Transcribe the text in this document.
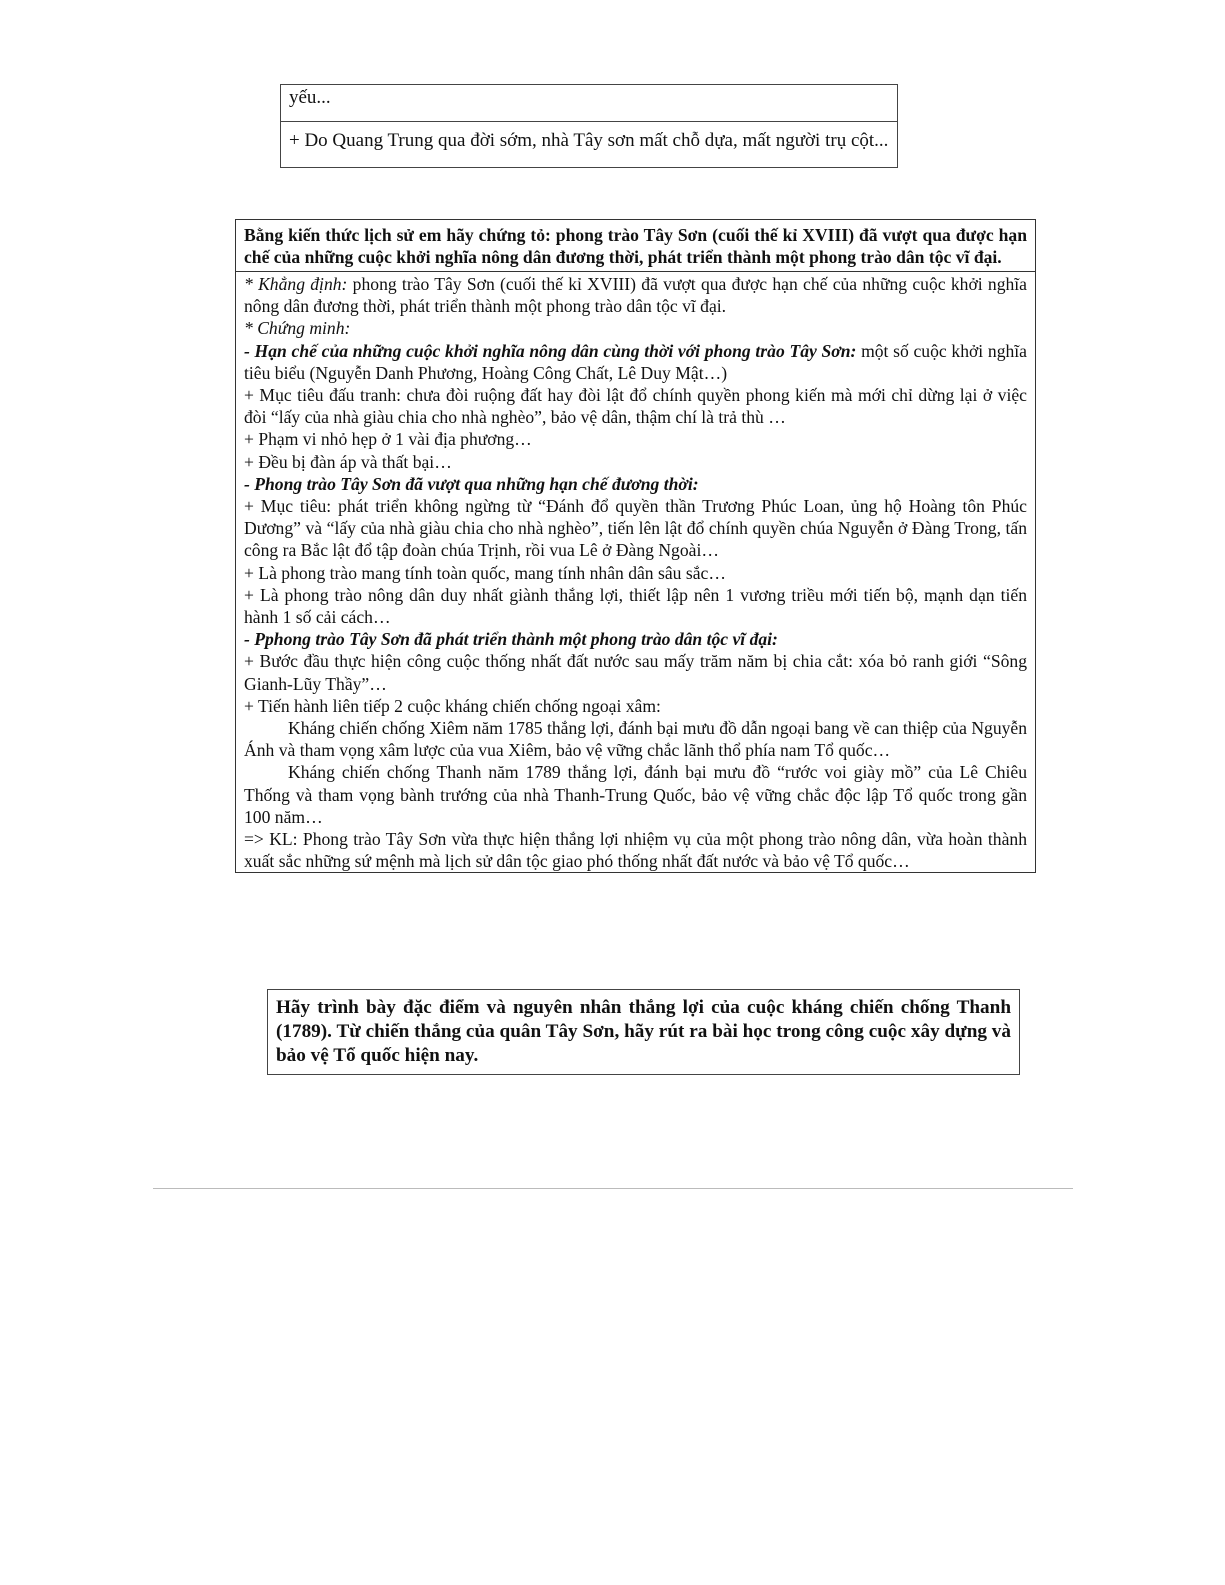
yếu...
+ Do Quang Trung qua đời sớm, nhà Tây sơn mất chỗ dựa, mất người trụ cột...
Bằng kiến thức lịch sử em hãy chứng tỏ: phong trào Tây Sơn (cuối thế kỉ XVIII) đã vượt qua được hạn chế của những cuộc khởi nghĩa nông dân đương thời, phát triển thành một phong trào dân tộc vĩ đại.

* Khẳng định: phong trào Tây Sơn (cuối thế kỉ XVIII) đã vượt qua được hạn chế của những cuộc khởi nghĩa nông dân đương thời, phát triển thành một phong trào dân tộc vĩ đại.

* Chứng minh:

- Hạn chế của những cuộc khởi nghĩa nông dân cùng thời với phong trào Tây Sơn: một số cuộc khởi nghĩa tiêu biểu (Nguyễn Danh Phương, Hoàng Công Chất, Lê Duy Mật…)

+ Mục tiêu đấu tranh: chưa đòi ruộng đất hay đòi lật đổ chính quyền phong kiến mà mới chỉ dừng lại ở việc đòi “lấy của nhà giàu chia cho nhà nghèo”, bảo vệ dân, thậm chí là trả thù …

+ Phạm vi nhỏ hẹp ở 1 vài địa phương…

+ Đều bị đàn áp và thất bại…

- Phong trào Tây Sơn đã vượt qua những hạn chế đương thời:

+ Mục tiêu: phát triển không ngừng từ “Đánh đổ quyền thần Trương Phúc Loan, ủng hộ Hoàng tôn Phúc Dương” và “lấy của nhà giàu chia cho nhà nghèo”, tiến lên lật đổ chính quyền chúa Nguyễn ở Đàng Trong, tấn công ra Bắc lật đổ tập đoàn chúa Trịnh, rồi vua Lê ở Đàng Ngoài…

+ Là phong trào mang tính toàn quốc, mang tính nhân dân sâu sắc…

+ Là phong trào nông dân duy nhất giành thắng lợi, thiết lập nên 1 vương triều mới tiến bộ, mạnh dạn tiến hành 1 số cải cách…

- Pphong trào Tây Sơn đã phát triển thành một phong trào dân tộc vĩ đại:

+ Bước đầu thực hiện công cuộc thống nhất đất nước sau mấy trăm năm bị chia cắt: xóa bỏ ranh giới “Sông Gianh-Lũy Thầy”…

+ Tiến hành liên tiếp 2 cuộc kháng chiến chống ngoại xâm:

Kháng chiến chống Xiêm năm 1785 thắng lợi, đánh bại mưu đồ dẫn ngoại bang về can thiệp của Nguyễn Ánh và tham vọng xâm lược của vua Xiêm, bảo vệ vững chắc lãnh thổ phía nam Tổ quốc…

Kháng chiến chống Thanh năm 1789 thắng lợi, đánh bại mưu đồ “rước voi giày mồ” của Lê Chiêu Thống và tham vọng bành trướng của nhà Thanh-Trung Quốc, bảo vệ vững chắc độc lập Tổ quốc trong gần 100 năm…

=> KL: Phong trào Tây Sơn vừa thực hiện thắng lợi nhiệm vụ của một phong trào nông dân, vừa hoàn thành xuất sắc những sứ mệnh mà lịch sử dân tộc giao phó thống nhất đất nước và bảo vệ Tổ quốc…

Hãy trình bày đặc điểm và nguyên nhân thắng lợi của cuộc kháng chiến chống Thanh (1789). Từ chiến thắng của quân Tây Sơn, hãy rút ra bài học trong công cuộc xây dựng và bảo vệ Tổ quốc hiện nay.
